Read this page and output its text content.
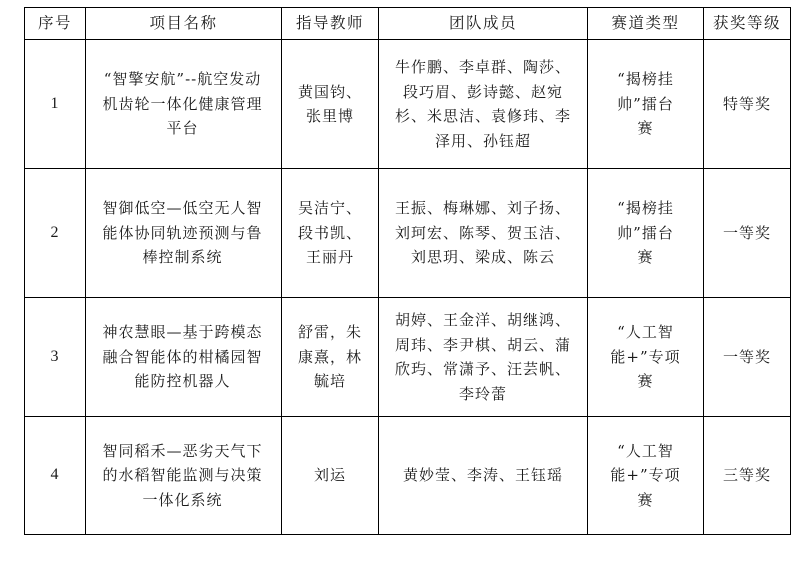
序号	项目名称	指导教师	团队成员	赛道类型	获奖等级
1	“智擎安航”--航空发动机齿轮一体化健康管理平台	黄国钧、张里博	牛作鹏、李卓群、陶莎、段巧眉、彭诗懿、赵宛杉、米思洁、袁修玮、李泽用、孙钰超	“揭榜挂帅”擂台赛	特等奖
2	智御低空—低空无人智能体协同轨迹预测与鲁棒控制系统	吴洁宁、段书凯、王丽丹	王振、梅琳娜、刘子扬、刘珂宏、陈琴、贺玉洁、刘思玥、梁成、陈云	“揭榜挂帅”擂台赛	一等奖
3	神农慧眼—基于跨模态融合智能体的柑橘园智能防控机器人	舒雷，朱康熹，林毓培	胡婷、王金洋、胡继鸿、周玮、李尹棋、胡云、蒲欣玙、常潇予、汪芸帆、李玲蕾	“人工智能+”专项赛	一等奖
4	智同稻禾—恶劣天气下的水稻智能监测与决策一体化系统	刘运	黄妙莹、李涛、王钰瑶	“人工智能+”专项赛	三等奖
